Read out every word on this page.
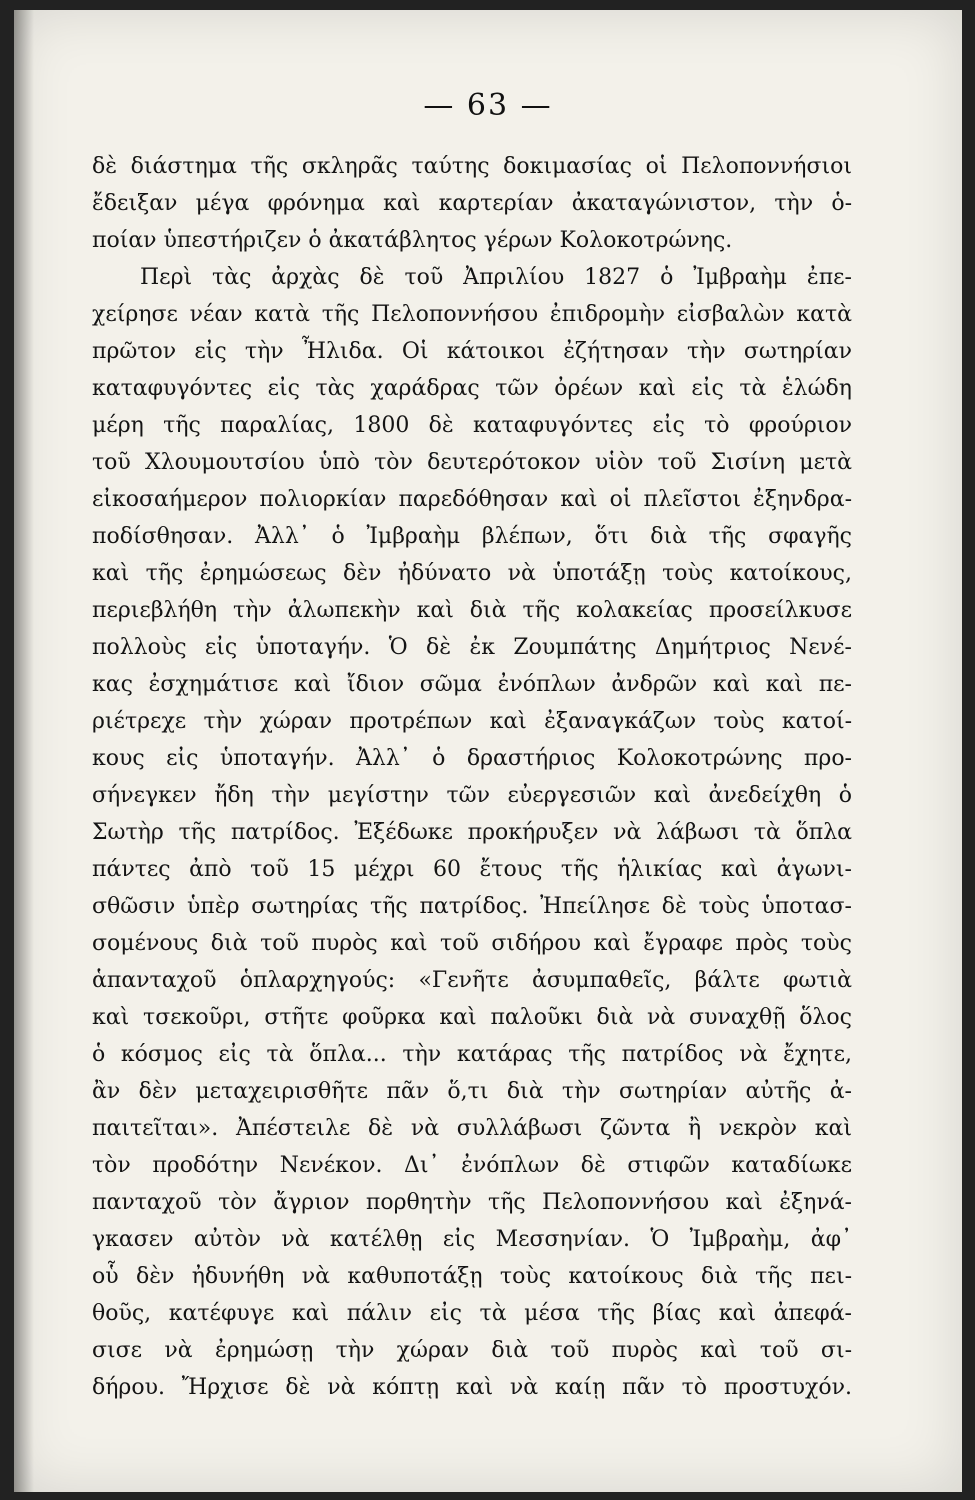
— 63 —
δὲ διάστημα τῆς σκληρᾶς ταύτης δοκιμασίας οἱ Πελοποννήσιοι
ἔδειξαν μέγα φρόνημα καὶ καρτερίαν ἀκαταγώνιστον, τὴν ὁ-
ποίαν ὑπεστήριζεν ὁ ἀκατάβλητος γέρων Κολοκοτρώνης.
Περὶ τὰς ἀρχὰς δὲ τοῦ Ἀπριλίου 1827 ὁ Ἰμβραὴμ ἐπε-
χείρησε νέαν κατὰ τῆς Πελοποννήσου ἐπιδρομὴν εἰσβαλὼν κατὰ
πρῶτον εἰς τὴν Ἦλιδα. Οἱ κάτοικοι ἐζήτησαν τὴν σωτηρίαν
καταφυγόντες εἰς τὰς χαράδρας τῶν ὀρέων καὶ εἰς τὰ ἑλώδη
μέρη τῆς παραλίας, 1800 δὲ καταφυγόντες εἰς τὸ φρούριον
τοῦ Χλουμουτσίου ὑπὸ τὸν δευτερότοκον υἱὸν τοῦ Σισίνη μετὰ
εἰκοσαήμερον πολιορκίαν παρεδόθησαν καὶ οἱ πλεῖστοι ἐξηνδρα-
ποδίσθησαν. Ἀλλ᾽ ὁ Ἰμβραὴμ βλέπων, ὅτι διὰ τῆς σφαγῆς
καὶ τῆς ἐρημώσεως δὲν ἠδύνατο νὰ ὑποτάξῃ τοὺς κατοίκους,
περιεβλήθη τὴν ἀλωπεκὴν καὶ διὰ τῆς κολακείας προσείλκυσε
πολλοὺς εἰς ὑποταγήν. Ὁ δὲ ἐκ Ζουμπάτης Δημήτριος Νενέ-
κας ἐσχημάτισε καὶ ἴδιον σῶμα ἐνόπλων ἀνδρῶν καὶ καὶ πε-
ριέτρεχε τὴν χώραν προτρέπων καὶ ἐξαναγκάζων τοὺς κατοί-
κους εἰς ὑποταγήν. Ἀλλ᾽ ὁ δραστήριος Κολοκοτρώνης προ-
σήνεγκεν ἤδη τὴν μεγίστην τῶν εὐεργεσιῶν καὶ ἀνεδείχθη ὁ
Σωτὴρ τῆς πατρίδος. Ἐξέδωκε προκήρυξεν νὰ λάβωσι τὰ ὅπλα
πάντες ἀπὸ τοῦ 15 μέχρι 60 ἔτους τῆς ἡλικίας καὶ ἀγωνι-
σθῶσιν ὑπὲρ σωτηρίας τῆς πατρίδος. Ἠπείλησε δὲ τοὺς ὑποτασ-
σομένους διὰ τοῦ πυρὸς καὶ τοῦ σιδήρου καὶ ἔγραφε πρὸς τοὺς
ἁπανταχοῦ ὁπλαρχηγούς: «Γενῆτε ἀσυμπαθεῖς, βάλτε φωτιὰ
καὶ τσεκοῦρι, στῆτε φοῦρκα καὶ παλοῦκι διὰ νὰ συναχθῇ ὅλος
ὁ κόσμος εἰς τὰ ὅπλα... τὴν κατάρας τῆς πατρίδος νὰ ἔχητε,
ἂν δὲν μεταχειρισθῆτε πᾶν ὅ,τι διὰ τὴν σωτηρίαν αὐτῆς ἀ-
παιτεῖται». Ἀπέστειλε δὲ νὰ συλλάβωσι ζῶντα ἢ νεκρὸν καὶ
τὸν προδότην Νενέκον. Δι᾽ ἐνόπλων δὲ στιφῶν καταδίωκε
πανταχοῦ τὸν ἄγριον πορθητὴν τῆς Πελοποννήσου καὶ ἐξηνά-
γκασεν αὐτὸν νὰ κατέλθῃ εἰς Μεσσηνίαν. Ὁ Ἰμβραὴμ, ἀφ᾽
οὗ δὲν ἠδυνήθη νὰ καθυποτάξῃ τοὺς κατοίκους διὰ τῆς πει-
θοῦς, κατέφυγε καὶ πάλιν εἰς τὰ μέσα τῆς βίας καὶ ἀπεφά-
σισε νὰ ἐρημώσῃ τὴν χώραν διὰ τοῦ πυρὸς καὶ τοῦ σι-
δήρου. Ἤρχισε δὲ νὰ κόπτῃ καὶ νὰ καίῃ πᾶν τὸ προστυχόν.
